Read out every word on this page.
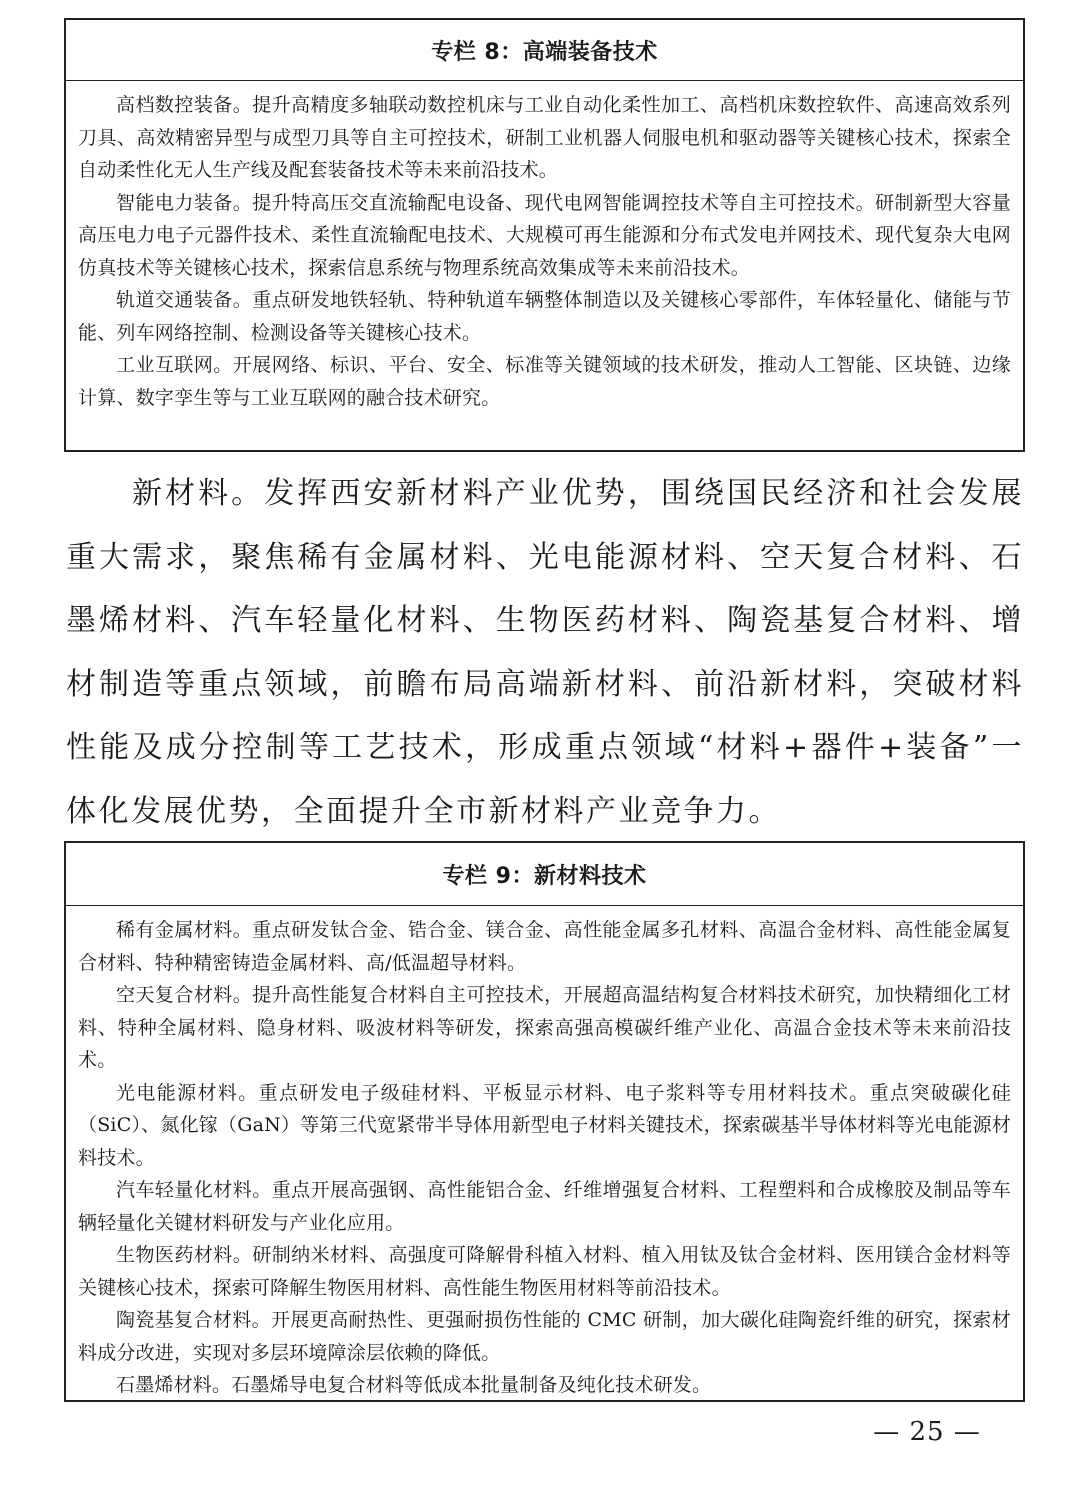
专栏 8：高端装备技术

高档数控装备。提升高精度多轴联动数控机床与工业自动化柔性加工、高档机床数控软件、高速高效系列刀具、高效精密异型与成型刀具等自主可控技术，研制工业机器人伺服电机和驱动器等关键核心技术，探索全自动柔性化无人生产线及配套装备技术等未来前沿技术。

智能电力装备。提升特高压交直流输配电设备、现代电网智能调控技术等自主可控技术。研制新型大容量高压电力电子元器件技术、柔性直流输配电技术、大规模可再生能源和分布式发电并网技术、现代复杂大电网仿真技术等关键核心技术，探索信息系统与物理系统高效集成等未来前沿技术。

轨道交通装备。重点研发地铁轻轨、特种轨道车辆整体制造以及关键核心零部件，车体轻量化、储能与节能、列车网络控制、检测设备等关键核心技术。

工业互联网。开展网络、标识、平台、安全、标准等关键领域的技术研发，推动人工智能、区块链、边缘计算、数字孪生等与工业互联网的融合技术研究。

新材料。发挥西安新材料产业优势，围绕国民经济和社会发展重大需求，聚焦稀有金属材料、光电能源材料、空天复合材料、石墨烯材料、汽车轻量化材料、生物医药材料、陶瓷基复合材料、增材制造等重点领域，前瞻布局高端新材料、前沿新材料，突破材料性能及成分控制等工艺技术，形成重点领域“材料+器件+装备”一体化发展优势，全面提升全市新材料产业竞争力。

专栏 9：新材料技术

稀有金属材料。重点研发钛合金、锆合金、镁合金、高性能金属多孔材料、高温合金材料、高性能金属复合材料、特种精密铸造金属材料、高/低温超导材料。

空天复合材料。提升高性能复合材料自主可控技术，开展超高温结构复合材料技术研究，加快精细化工材料、特种全属材料、隐身材料、吸波材料等研发，探索高强高模碳纤维产业化、高温合金技术等未来前沿技术。

光电能源材料。重点研发电子级硅材料、平板显示材料、电子浆料等专用材料技术。重点突破碳化硅（SiC）、氮化镓（GaN）等第三代宽紧带半导体用新型电子材料关键技术，探索碳基半导体材料等光电能源材料技术。

汽车轻量化材料。重点开展高强钢、高性能铝合金、纤维增强复合材料、工程塑料和合成橡胶及制品等车辆轻量化关键材料研发与产业化应用。

生物医药材料。研制纳米材料、高强度可降解骨科植入材料、植入用钛及钛合金材料、医用镁合金材料等关键核心技术，探索可降解生物医用材料、高性能生物医用材料等前沿技术。

陶瓷基复合材料。开展更高耐热性、更强耐损伤性能的 CMC 研制，加大碳化硅陶瓷纤维的研究，探索材料成分改进，实现对多层环境障涂层依赖的降低。

石墨烯材料。石墨烯导电复合材料等低成本批量制备及纯化技术研发。

— 25 —
